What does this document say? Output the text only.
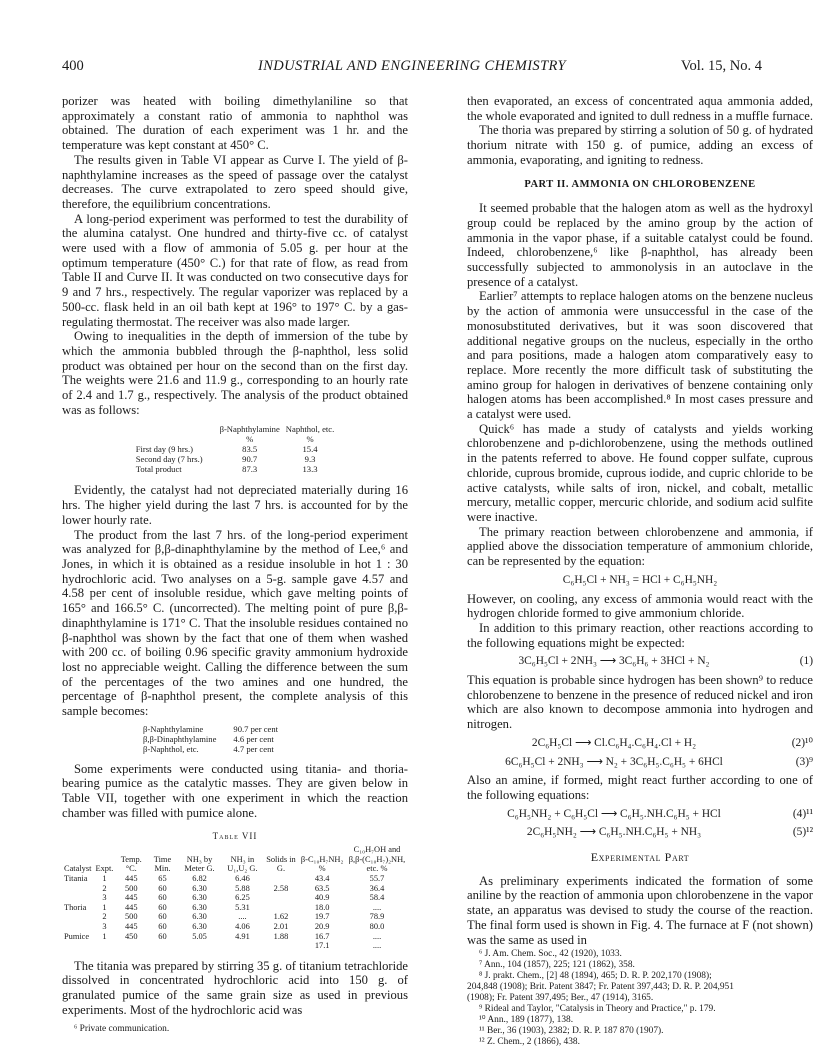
400	INDUSTRIAL AND ENGINEERING CHEMISTRY	Vol. 15, No. 4

porizer was heated with boiling dimethylaniline so that approximately a constant ratio of ammonia to naphthol was obtained. The duration of each experiment was 1 hr. and the temperature was kept constant at 450° C.

The results given in Table VI appear as Curve I. The yield of β-naphthylamine increases as the speed of passage over the catalyst decreases. The curve extrapolated to zero speed should give, therefore, the equilibrium concentrations.

A long-period experiment was performed to test the durability of the alumina catalyst. One hundred and thirty-five cc. of catalyst were used with a flow of ammonia of 5.05 g. per hour at the optimum temperature (450° C.) for that rate of flow, as read from Table II and Curve II. It was conducted on two consecutive days for 9 and 7 hrs., respectively. The regular vaporizer was replaced by a 500-cc. flask held in an oil bath kept at 196° to 197° C. by a gas-regulating thermostat. The receiver was also made larger.

Owing to inequalities in the depth of immersion of the tube by which the ammonia bubbled through the β-naphthol, less solid product was obtained per hour on the second than on the first day. The weights were 21.6 and 11.9 g., corresponding to an hourly rate of 2.4 and 1.7 g., respectively. The analysis of the product obtained was as follows:

	β-Naphthylamine	Naphthol, etc.
	%	%
First day (9 hrs.)	83.5	15.4
Second day (7 hrs.)	90.7	9.3
Total product	87.3	13.3

Evidently, the catalyst had not depreciated materially during 16 hrs. The higher yield during the last 7 hrs. is accounted for by the lower hourly rate.

The product from the last 7 hrs. of the long-period experiment was analyzed for β,β-dinaphthylamine by the method of Lee,⁶ and Jones, in which it is obtained as a residue insoluble in hot 1 : 30 hydrochloric acid. Two analyses on a 5-g. sample gave 4.57 and 4.58 per cent of insoluble residue, which gave melting points of 165° and 166.5° C. (uncorrected). The melting point of pure β,β-dinaphthylamine is 171° C. That the insoluble residues contained no β-naphthol was shown by the fact that one of them when washed with 200 cc. of boiling 0.96 specific gravity ammonium hydroxide lost no appreciable weight. Calling the difference between the sum of the percentages of the two amines and one hundred, the percentage of β-naphthol present, the complete analysis of this sample becomes:

β-Naphthylamine	90.7 per cent
β,β-Dinaphthylamine	4.6 per cent
β-Naphthol, etc.	4.7 per cent

Some experiments were conducted using titania- and thoria-bearing pumice as the catalytic masses. They are given below in Table VII, together with one experiment in which the reaction chamber was filled with pumice alone.

Table VII
Catalyst	Expt.	Temp. °C.	Time Min.	NH₃ by Meter G.	NH₃ in U₁,U₂ G.	Solids in G.	β-C₁₀H₇NH₂ %	C₁₀H₇OH and β,β-(C₁₀H₇)₂NH, etc. %
Titania	1	445	65	6.82	6.46		43.4	55.7
	2	500	60	6.30	5.88	2.58	63.5	36.4
	3	445	60	6.30	6.25		40.9	58.4
Thoria	1	445	60	6.30	5.31		18.0	....
	2	500	60	6.30	....	1.62	19.7	78.9
	3	445	60	6.30	4.06	2.01	20.9	80.0
Pumice	1	450	60	5.05	4.91	1.88	16.7	....
							17.1	....

The titania was prepared by stirring 35 g. of titanium tetrachloride dissolved in concentrated hydrochloric acid into 150 g. of granulated pumice of the same grain size as used in previous experiments. Most of the hydrochloric acid was

⁶ Private communication.

then evaporated, an excess of concentrated aqua ammonia added, the whole evaporated and ignited to dull redness in a muffle furnace.

The thoria was prepared by stirring a solution of 50 g. of hydrated thorium nitrate with 150 g. of pumice, adding an excess of ammonia, evaporating, and igniting to redness.

PART II. AMMONIA ON CHLOROBENZENE

It seemed probable that the halogen atom as well as the hydroxyl group could be replaced by the amino group by the action of ammonia in the vapor phase, if a suitable catalyst could be found. Indeed, chlorobenzene,⁶ like β-naphthol, has already been successfully subjected to ammonolysis in an autoclave in the presence of a catalyst.

Earlier⁷ attempts to replace halogen atoms on the benzene nucleus by the action of ammonia were unsuccessful in the case of the monosubstituted derivatives, but it was soon discovered that additional negative groups on the nucleus, especially in the ortho and para positions, made a halogen atom comparatively easy to replace. More recently the more difficult task of substituting the amino group for halogen in derivatives of benzene containing only halogen atoms has been accomplished.⁸ In most cases pressure and a catalyst were used.

Quick⁶ has made a study of catalysts and yields working chlorobenzene and p-dichlorobenzene, using the methods outlined in the patents referred to above. He found copper sulfate, cuprous chloride, cuprous bromide, cuprous iodide, and cupric chloride to be active catalysts, while salts of iron, nickel, and cobalt, metallic mercury, metallic copper, mercuric chloride, and sodium acid sulfite were inactive.

The primary reaction between chlorobenzene and ammonia, if applied above the dissociation temperature of ammonium chloride, can be represented by the equation:

C₆H₅Cl + NH₃ = HCl + C₆H₅NH₂

However, on cooling, any excess of ammonia would react with the hydrogen chloride formed to give ammonium chloride.

In addition to this primary reaction, other reactions according to the following equations might be expected:

3C₆H₅Cl + 2NH₃ ⟶ 3C₆H₆ + 3HCl + N₂	(1)

This equation is probable since hydrogen has been shown⁹ to reduce chlorobenzene to benzene in the presence of reduced nickel and iron which are also known to decompose ammonia into hydrogen and nitrogen.

2C₆H₅Cl ⟶ Cl.C₆H₄.C₆H₄.Cl + H₂	(2)¹⁰
6C₆H₅Cl + 2NH₃ ⟶ N₂ + 3C₆H₅.C₆H₅ + 6HCl	(3)⁹

Also an amine, if formed, might react further according to one of the following equations:

C₆H₅NH₂ + C₆H₅Cl ⟶ C₆H₅.NH.C₆H₅ + HCl	(4)¹¹
2C₆H₅NH₂ ⟶ C₆H₅.NH.C₆H₅ + NH₃	(5)¹²
Experimental Part

As preliminary experiments indicated the formation of some aniline by the reaction of ammonia upon chlorobenzene in the vapor state, an apparatus was devised to study the course of the reaction. The final form used is shown in Fig. 4. The furnace at F (not shown) was the same as used in

⁶ J. Am. Chem. Soc., 42 (1920), 1033.
⁷ Ann., 104 (1857), 225; 121 (1862), 358.
⁸ J. prakt. Chem., [2] 48 (1894), 465; D. R. P. 202,170 (1908);
204,848 (1908); Brit. Patent 3847; Fr. Patent 397,443; D. R. P. 204,951
(1908); Fr. Patent 397,495; Ber., 47 (1914), 3165.
⁹ Rideal and Taylor, "Catalysis in Theory and Practice," p. 179.
¹⁰ Ann., 189 (1877), 138.
¹¹ Ber., 36 (1903), 2382; D. R. P. 187 870 (1907).
¹² Z. Chem., 2 (1866), 438.
